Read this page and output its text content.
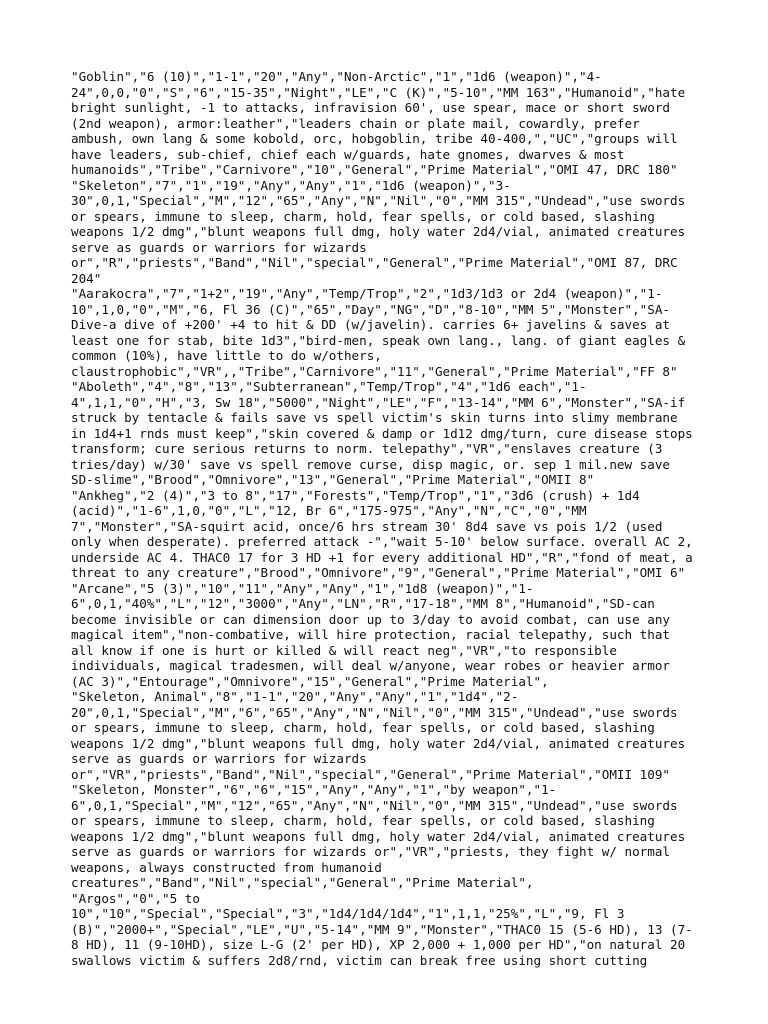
"Goblin","6 (10)","1-1","20","Any","Non-Arctic","1","1d6 (weapon)","4-
24",0,0,"0","S","6","15-35","Night","LE","C (K)","5-10","MM 163","Humanoid","hate
bright sunlight, -1 to attacks, infravision 60', use spear, mace or short sword
(2nd weapon), armor:leather","leaders chain or plate mail, cowardly, prefer
ambush, own lang & some kobold, orc, hobgoblin, tribe 40-400,","UC","groups will
have leaders, sub-chief, chief each w/guards, hate gnomes, dwarves & most
humanoids","Tribe","Carnivore","10","General","Prime Material","OMI 47, DRC 180"
"Skeleton","7","1","19","Any","Any","1","1d6 (weapon)","3-
30",0,1,"Special","M","12","65","Any","N","Nil","0","MM 315","Undead","use swords
or spears, immune to sleep, charm, hold, fear spells, or cold based, slashing
weapons 1/2 dmg","blunt weapons full dmg, holy water 2d4/vial, animated creatures
serve as guards or warriors for wizards
or","R","priests","Band","Nil","special","General","Prime Material","OMI 87, DRC
204"
"Aarakocra","7","1+2","19","Any","Temp/Trop","2","1d3/1d3 or 2d4 (weapon)","1-
10",1,0,"0","M","6, Fl 36 (C)","65","Day","NG","D","8-10","MM 5","Monster","SA-
Dive-a dive of +200' +4 to hit & DD (w/javelin). carries 6+ javelins & saves at
least one for stab, bite 1d3","bird-men, speak own lang., lang. of giant eagles &
common (10%), have little to do w/others,
claustrophobic","VR",,"Tribe","Carnivore","11","General","Prime Material","FF 8"
"Aboleth","4","8","13","Subterranean","Temp/Trop","4","1d6 each","1-
4",1,1,"0","H","3, Sw 18","5000","Night","LE","F","13-14","MM 6","Monster","SA-if
struck by tentacle & fails save vs spell victim's skin turns into slimy membrane
in 1d4+1 rnds must keep","skin covered & damp or 1d12 dmg/turn, cure disease stops
transform; cure serious returns to norm. telepathy","VR","enslaves creature (3
tries/day) w/30' save vs spell remove curse, disp magic, or. sep 1 mil.new save
SD-slime","Brood","Omnivore","13","General","Prime Material","OMII 8"
"Ankheg","2 (4)","3 to 8","17","Forests","Temp/Trop","1","3d6 (crush) + 1d4
(acid)","1-6",1,0,"0","L","12, Br 6","175-975","Any","N","C","0","MM
7","Monster","SA-squirt acid, once/6 hrs stream 30' 8d4 save vs pois 1/2 (used
only when desperate). preferred attack -","wait 5-10' below surface. overall AC 2,
underside AC 4. THAC0 17 for 3 HD +1 for every additional HD","R","fond of meat, a
threat to any creature","Brood","Omnivore","9","General","Prime Material","OMI 6"
"Arcane","5 (3)","10","11","Any","Any","1","1d8 (weapon)","1-
6",0,1,"40%","L","12","3000","Any","LN","R","17-18","MM 8","Humanoid","SD-can
become invisible or can dimension door up to 3/day to avoid combat, can use any
magical item","non-combative, will hire protection, racial telepathy, such that
all know if one is hurt or killed & will react neg","VR","to responsible
individuals, magical tradesmen, will deal w/anyone, wear robes or heavier armor
(AC 3)","Entourage","Omnivore","15","General","Prime Material",
"Skeleton, Animal","8","1-1","20","Any","Any","1","1d4","2-
20",0,1,"Special","M","6","65","Any","N","Nil","0","MM 315","Undead","use swords
or spears, immune to sleep, charm, hold, fear spells, or cold based, slashing
weapons 1/2 dmg","blunt weapons full dmg, holy water 2d4/vial, animated creatures
serve as guards or warriors for wizards
or","VR","priests","Band","Nil","special","General","Prime Material","OMII 109"
"Skeleton, Monster","6","6","15","Any","Any","1","by weapon","1-
6",0,1,"Special","M","12","65","Any","N","Nil","0","MM 315","Undead","use swords
or spears, immune to sleep, charm, hold, fear spells, or cold based, slashing
weapons 1/2 dmg","blunt weapons full dmg, holy water 2d4/vial, animated creatures
serve as guards or warriors for wizards or","VR","priests, they fight w/ normal
weapons, always constructed from humanoid
creatures","Band","Nil","special","General","Prime Material",
"Argos","0","5 to
10","10","Special","Special","3","1d4/1d4/1d4","1",1,1,"25%","L","9, Fl 3
(B)","2000+","Special","LE","U","5-14","MM 9","Monster","THAC0 15 (5-6 HD), 13 (7-
8 HD), 11 (9-10HD), size L-G (2' per HD), XP 2,000 + 1,000 per HD","on natural 20
swallows victim & suffers 2d8/rnd, victim can break free using short cutting
